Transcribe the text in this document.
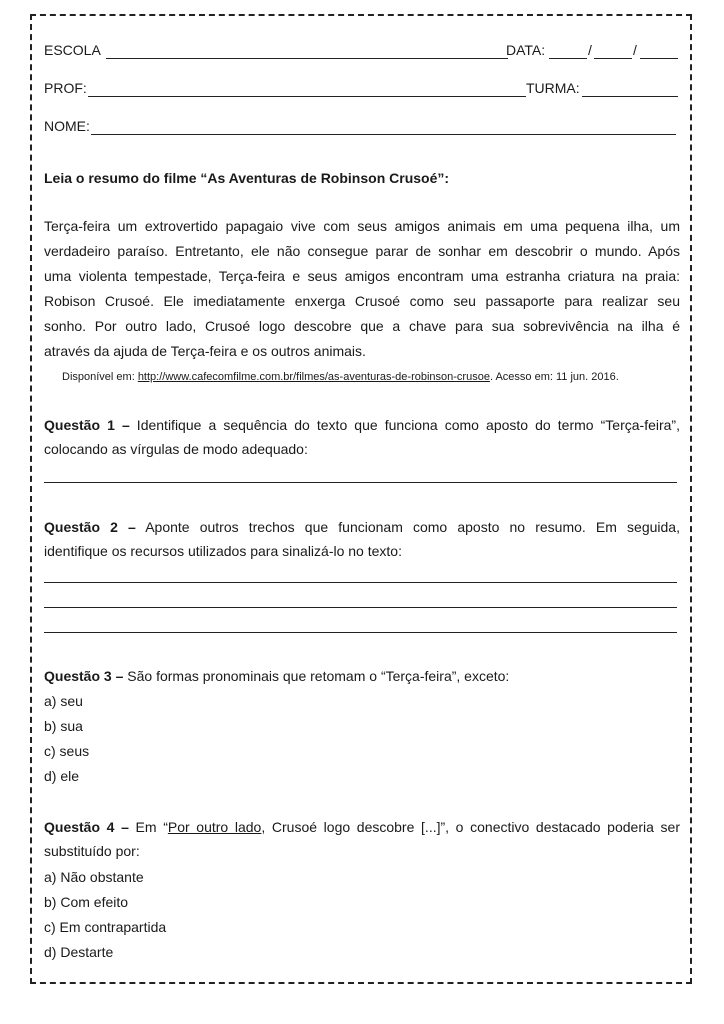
ESCOLA	DATA:	/	/
PROF:	TURMA:
NOME:
Leia o resumo do filme “As Aventuras de Robinson Crusoé”:
Terça-feira um extrovertido papagaio vive com seus amigos animais em uma pequena ilha, um
verdadeiro paraíso. Entretanto, ele não consegue parar de sonhar em descobrir o mundo. Após
uma violenta tempestade, Terça-feira e seus amigos encontram uma estranha criatura na praia:
Robison Crusoé. Ele imediatamente enxerga Crusoé como seu passaporte para realizar seu
sonho. Por outro lado, Crusoé logo descobre que a chave para sua sobrevivência na ilha é
através da ajuda de Terça-feira e os outros animais.
Disponível em: http://www.cafecomfilme.com.br/filmes/as-aventuras-de-robinson-crusoe. Acesso em: 11 jun. 2016.
Questão 1 – Identifique a sequência do texto que funciona como aposto do termo “Terça-feira”,
colocando as vírgulas de modo adequado:
Questão 2 – Aponte outros trechos que funcionam como aposto no resumo. Em seguida,
identifique os recursos utilizados para sinalizá-lo no texto:
Questão 3 – São formas pronominais que retomam o “Terça-feira”, exceto:
a) seu
b) sua
c) seus
d) ele
Questão 4 – Em “Por outro lado, Crusoé logo descobre [...]”, o conectivo destacado poderia ser
substituído por:
a) Não obstante
b) Com efeito
c) Em contrapartida
d) Destarte
